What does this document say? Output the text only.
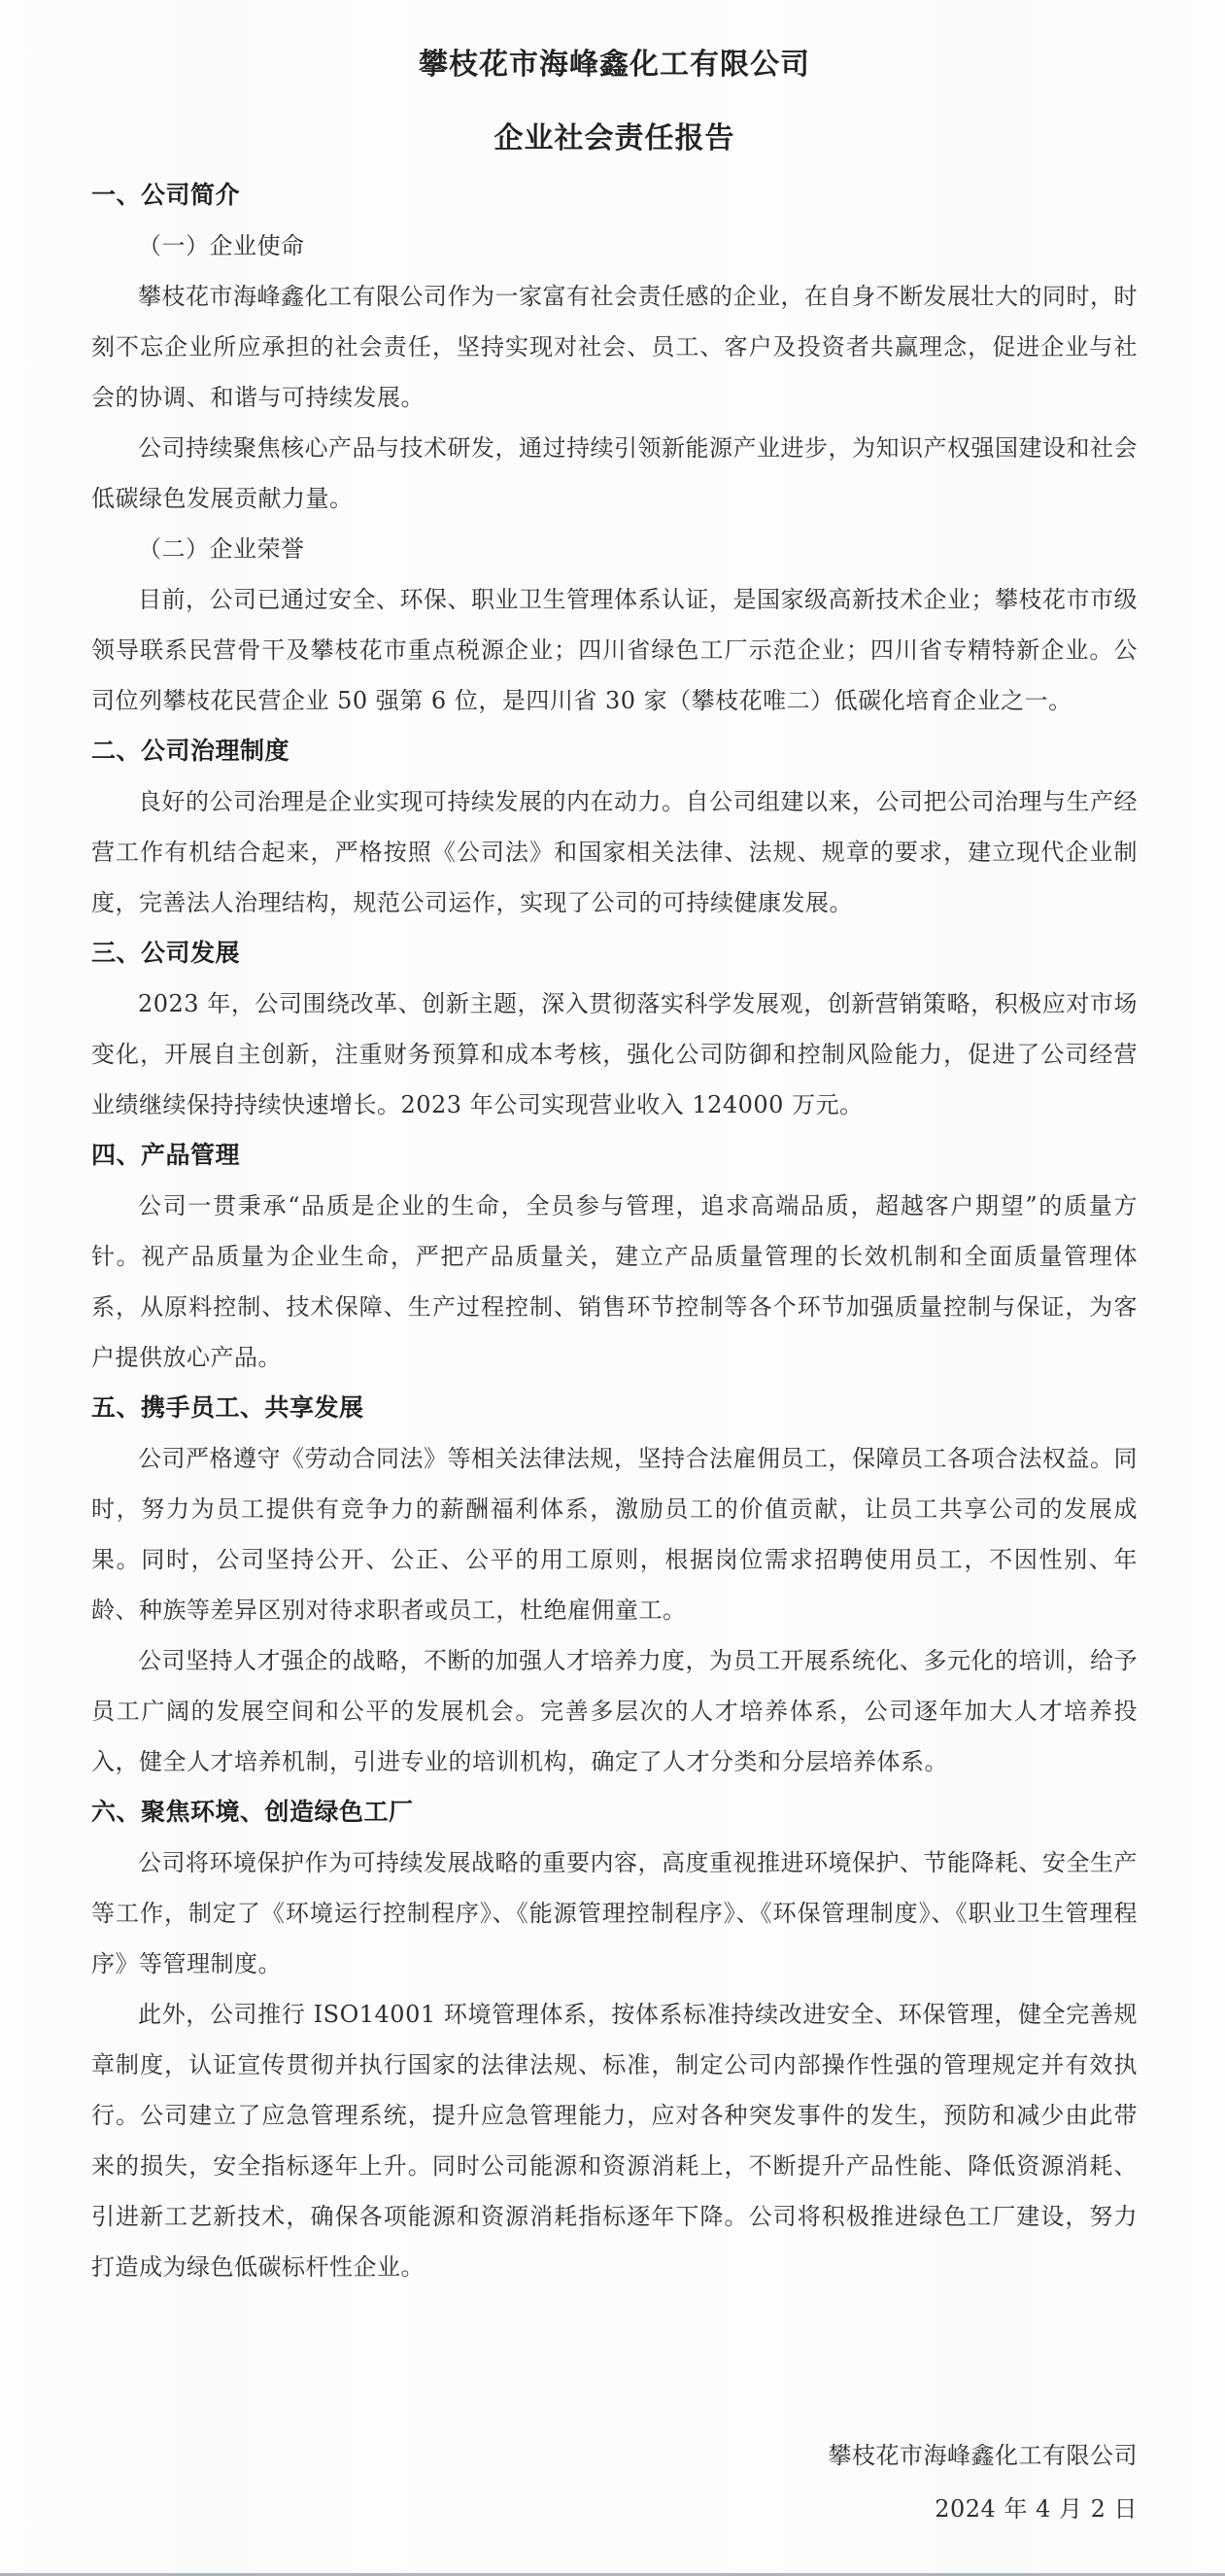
攀枝花市海峰鑫化工有限公司
企业社会责任报告
一、公司简介
（一）企业使命
攀枝花市海峰鑫化工有限公司作为一家富有社会责任感的企业，在自身不断发展壮大的同时，时刻不忘企业所应承担的社会责任，坚持实现对社会、员工、客户及投资者共赢理念，促进企业与社会的协调、和谐与可持续发展。
公司持续聚焦核心产品与技术研发，通过持续引领新能源产业进步，为知识产权强国建设和社会低碳绿色发展贡献力量。
（二）企业荣誉
目前，公司已通过安全、环保、职业卫生管理体系认证，是国家级高新技术企业；攀枝花市市级领导联系民营骨干及攀枝花市重点税源企业；四川省绿色工厂示范企业；四川省专精特新企业。公司位列攀枝花民营企业 50 强第 6 位，是四川省 30 家（攀枝花唯二）低碳化培育企业之一。
二、公司治理制度
良好的公司治理是企业实现可持续发展的内在动力。自公司组建以来，公司把公司治理与生产经营工作有机结合起来，严格按照《公司法》和国家相关法律、法规、规章的要求，建立现代企业制度，完善法人治理结构，规范公司运作，实现了公司的可持续健康发展。
三、公司发展
2023 年，公司围绕改革、创新主题，深入贯彻落实科学发展观，创新营销策略，积极应对市场变化，开展自主创新，注重财务预算和成本考核，强化公司防御和控制风险能力，促进了公司经营业绩继续保持持续快速增长。2023 年公司实现营业收入 124000 万元。
四、产品管理
公司一贯秉承“品质是企业的生命，全员参与管理，追求高端品质，超越客户期望”的质量方针。视产品质量为企业生命，严把产品质量关，建立产品质量管理的长效机制和全面质量管理体系，从原料控制、技术保障、生产过程控制、销售环节控制等各个环节加强质量控制与保证，为客户提供放心产品。
五、携手员工、共享发展
公司严格遵守《劳动合同法》等相关法律法规，坚持合法雇佣员工，保障员工各项合法权益。同时，努力为员工提供有竞争力的薪酬福利体系，激励员工的价值贡献，让员工共享公司的发展成果。同时，公司坚持公开、公正、公平的用工原则，根据岗位需求招聘使用员工，不因性别、年龄、种族等差异区别对待求职者或员工，杜绝雇佣童工。
公司坚持人才强企的战略，不断的加强人才培养力度，为员工开展系统化、多元化的培训，给予员工广阔的发展空间和公平的发展机会。完善多层次的人才培养体系，公司逐年加大人才培养投入，健全人才培养机制，引进专业的培训机构，确定了人才分类和分层培养体系。
六、聚焦环境、创造绿色工厂
公司将环境保护作为可持续发展战略的重要内容，高度重视推进环境保护、节能降耗、安全生产等工作，制定了《环境运行控制程序》、《能源管理控制程序》、《环保管理制度》、《职业卫生管理程序》等管理制度。
此外，公司推行 ISO14001 环境管理体系，按体系标准持续改进安全、环保管理，健全完善规章制度，认证宣传贯彻并执行国家的法律法规、标准，制定公司内部操作性强的管理规定并有效执行。公司建立了应急管理系统，提升应急管理能力，应对各种突发事件的发生，预防和减少由此带来的损失，安全指标逐年上升。同时公司能源和资源消耗上，不断提升产品性能、降低资源消耗、引进新工艺新技术，确保各项能源和资源消耗指标逐年下降。公司将积极推进绿色工厂建设，努力打造成为绿色低碳标杆性企业。
攀枝花市海峰鑫化工有限公司
2024 年 4 月 2 日
